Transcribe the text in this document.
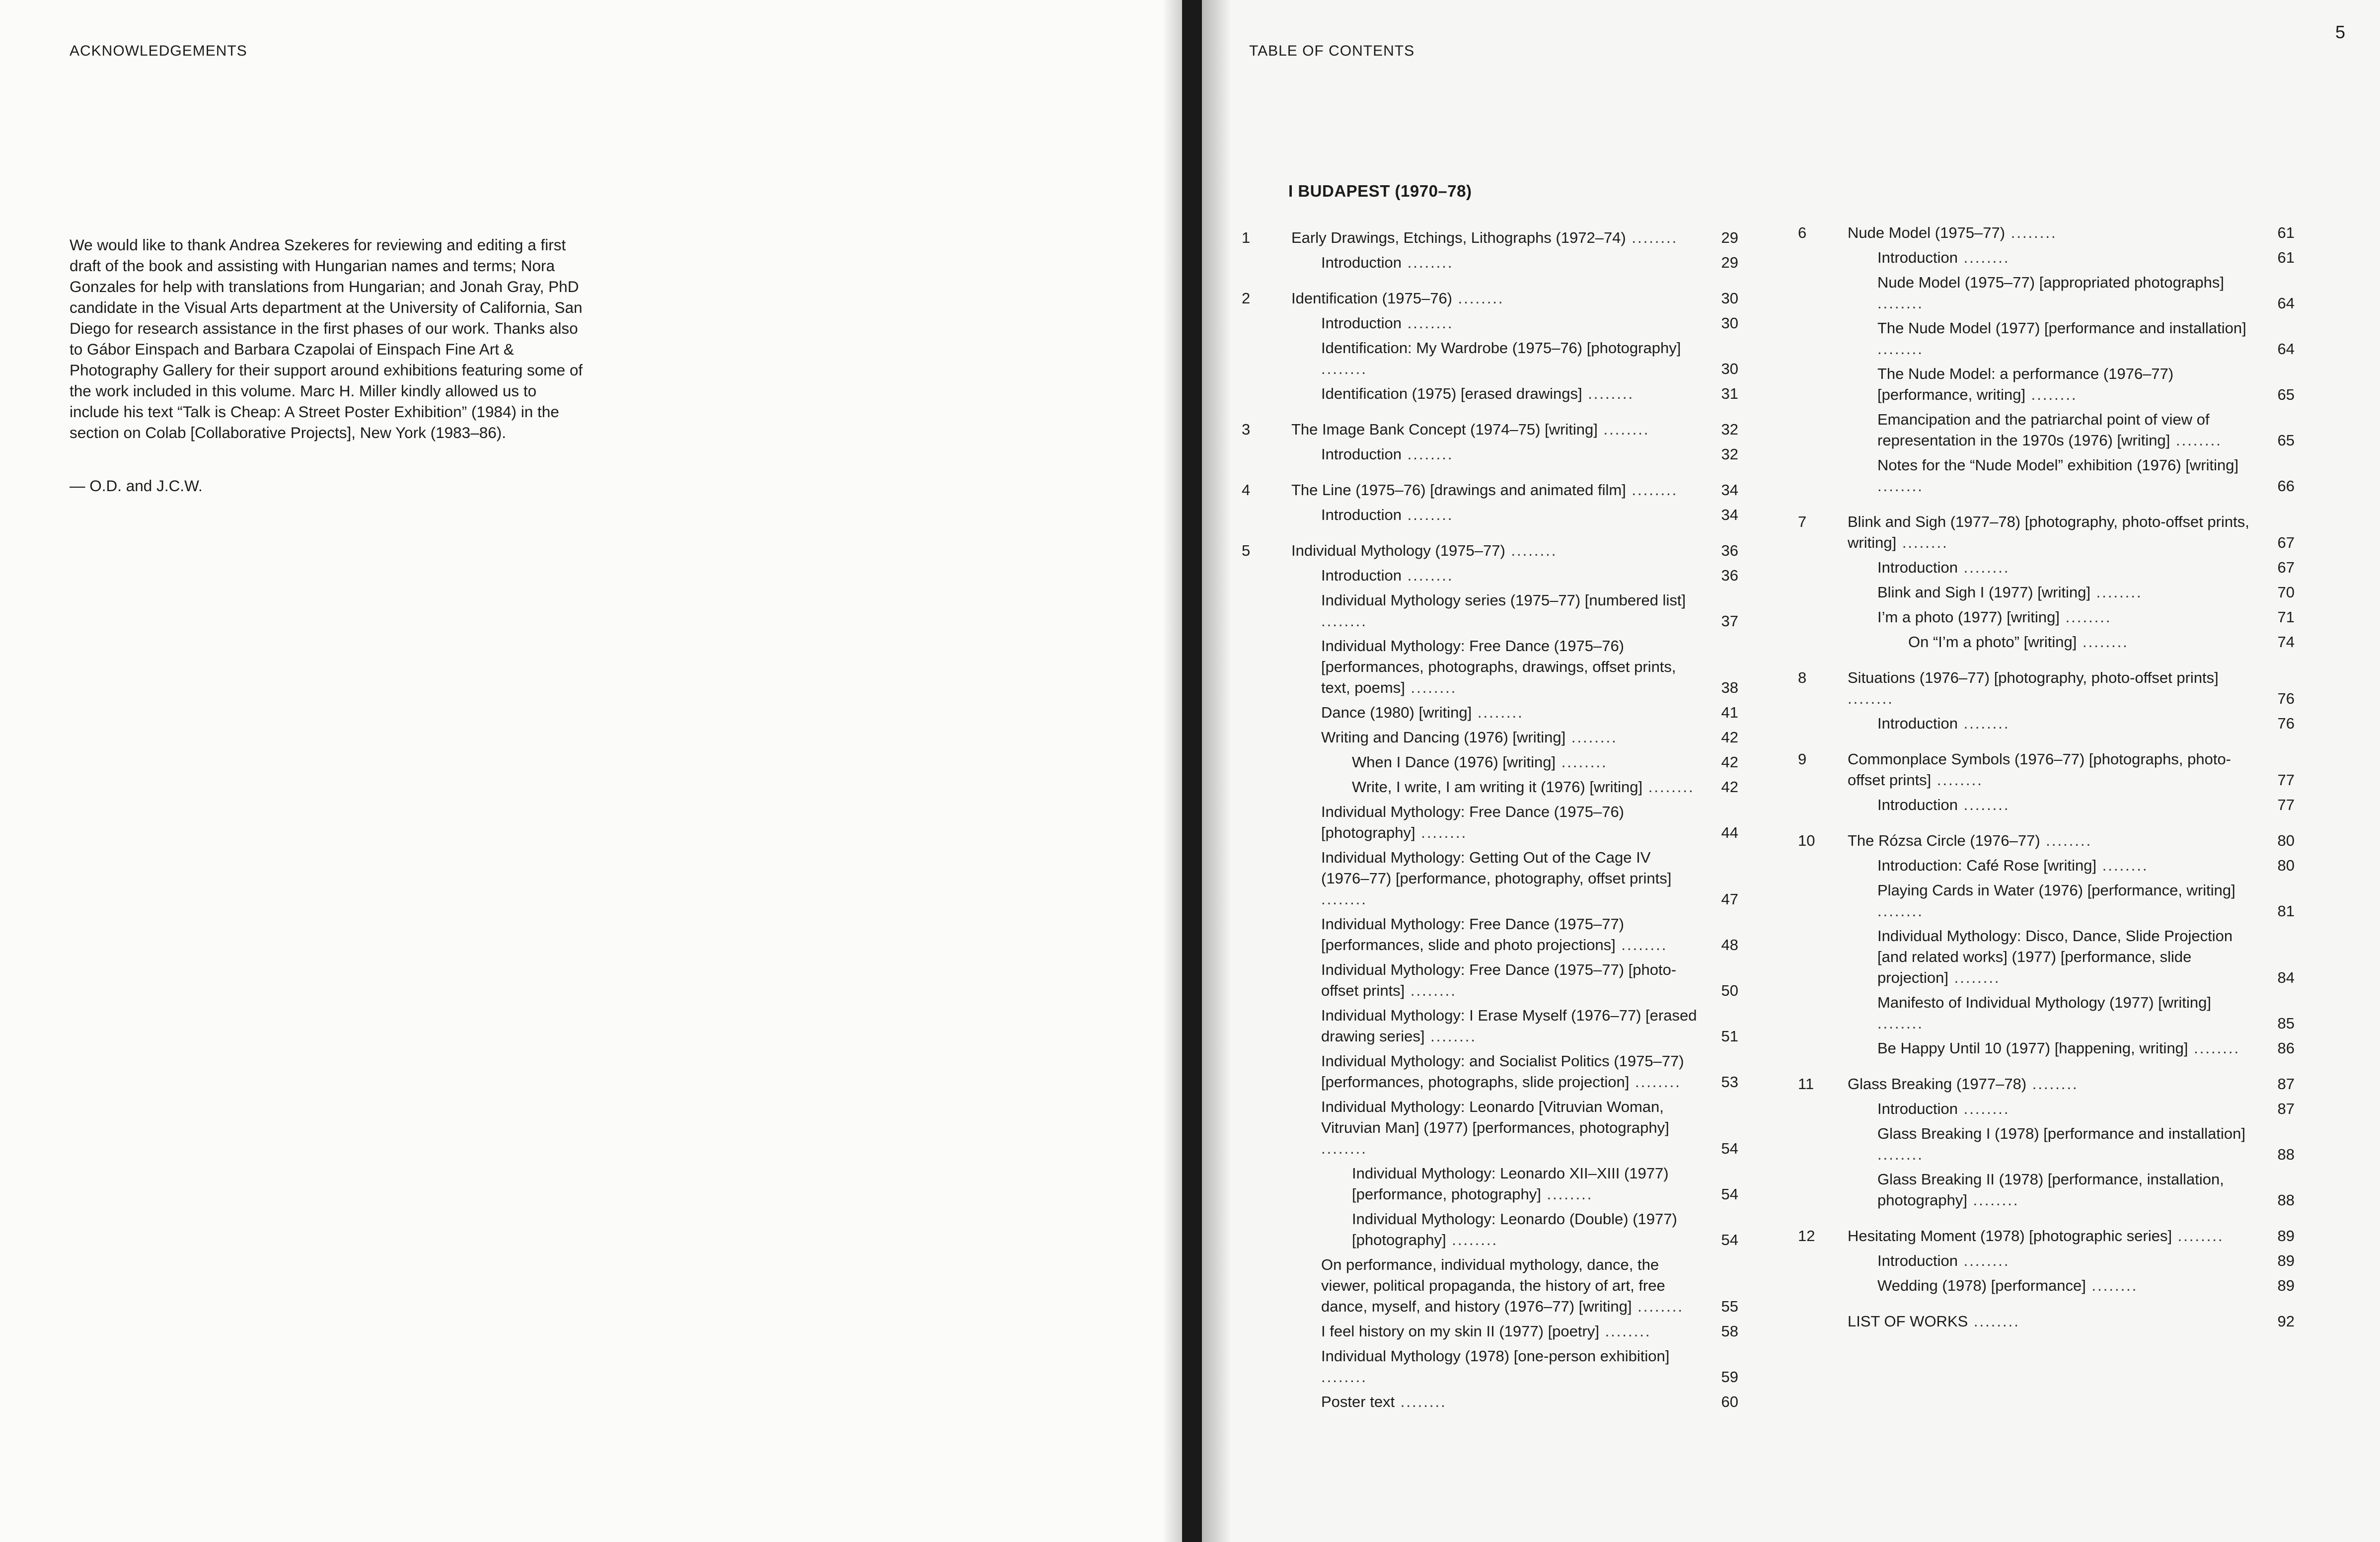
ACKNOWLEDGEMENTS

We would like to thank Andrea Szekeres for reviewing and editing a first draft of the book and assisting with Hungarian names and terms; Nora Gonzales for help with translations from Hungarian; and Jonah Gray, PhD candidate in the Visual Arts department at the University of California, San Diego for research assistance in the first phases of our work. Thanks also to Gábor Einspach and Barbara Czapolai of Einspach Fine Art & Photography Gallery for their support around exhibitions featuring some of the work included in this volume. Marc H. Miller kindly allowed us to include his text “Talk is Cheap: A Street Poster Exhibition” (1984) in the section on Colab [Collaborative Projects], New York (1983–86).

— O.D. and J.C.W.
TABLE OF CONTENTS
5
I BUDAPEST (1970–78)
1	Early Drawings, Etchings, Lithographs (1972–74) ........	29
Introduction ........	29
2	Identification (1975–76) ........	30
Introduction ........	30
Identification: My Wardrobe (1975–76) [photography] ........	30
Identification (1975) [erased drawings] ........	31
3	The Image Bank Concept (1974–75) [writing] ........	32
Introduction ........	32
4	The Line (1975–76) [drawings and animated film] ........	34
Introduction ........	34
5	Individual Mythology (1975–77) ........	36
Introduction ........	36
Individual Mythology series (1975–77) [numbered list] ........	37
Individual Mythology: Free Dance (1975–76) [performances, photographs, drawings, offset prints, text, poems] ........	38
Dance (1980) [writing] ........	41
Writing and Dancing (1976) [writing] ........	42
When I Dance (1976) [writing] ........	42
Write, I write, I am writing it (1976) [writing] ........	42
Individual Mythology: Free Dance (1975–76) [photography] ........	44
Individual Mythology: Getting Out of the Cage IV (1976–77) [performance, photography, offset prints] ........	47
Individual Mythology: Free Dance (1975–77) [performances, slide and photo projections] ........	48
Individual Mythology: Free Dance (1975–77) [photo-offset prints] ........	50
Individual Mythology: I Erase Myself (1976–77) [erased drawing series] ........	51
Individual Mythology: and Socialist Politics (1975–77) [performances, photographs, slide projection] ........	53
Individual Mythology: Leonardo [Vitruvian Woman, Vitruvian Man] (1977) [performances, photography] ........	54
Individual Mythology: Leonardo XII–XIII (1977) [performance, photography] ........	54
Individual Mythology: Leonardo (Double) (1977) [photography] ........	54
On performance, individual mythology, dance, the viewer, political propaganda, the history of art, free dance, myself, and history (1976–77) [writing] ........	55
I feel history on my skin II (1977) [poetry] ........	58
Individual Mythology (1978) [one-person exhibition] ........	59
Poster text ........	60
6	Nude Model (1975–77) ........	61
Introduction ........	61
Nude Model (1975–77) [appropriated photographs] ........	64
The Nude Model (1977) [performance and installation] ........	64
The Nude Model: a performance (1976–77) [performance, writing] ........	65
Emancipation and the patriarchal point of view of representation in the 1970s (1976) [writing] ........	65
Notes for the “Nude Model” exhibition (1976) [writing] ........	66
7	Blink and Sigh (1977–78) [photography, photo-offset prints, writing] ........	67
Introduction ........	67
Blink and Sigh I (1977) [writing] ........	70
I’m a photo (1977) [writing] ........	71
On “I’m a photo” [writing] ........	74
8	Situations (1976–77) [photography, photo-offset prints] ........	76
Introduction ........	76
9	Commonplace Symbols (1976–77) [photographs, photo-offset prints] ........	77
Introduction ........	77
10 The Rózsa Circle (1976–77) ........	80
Introduction: Café Rose [writing] ........	80
Playing Cards in Water (1976) [performance, writing] ........	81
Individual Mythology: Disco, Dance, Slide Projection [and related works] (1977) [performance, slide projection] ........	84
Manifesto of Individual Mythology (1977) [writing] ........	85
Be Happy Until 10 (1977) [happening, writing] ........	86
11 Glass Breaking (1977–78) ........	87
Introduction ........	87
Glass Breaking I (1978) [performance and installation] ........	88
Glass Breaking II (1978) [performance, installation, photography] ........	88
12 Hesitating Moment (1978) [photographic series] ........	89
Introduction ........	89
Wedding (1978) [performance] ........	89
LIST OF WORKS ........	92
